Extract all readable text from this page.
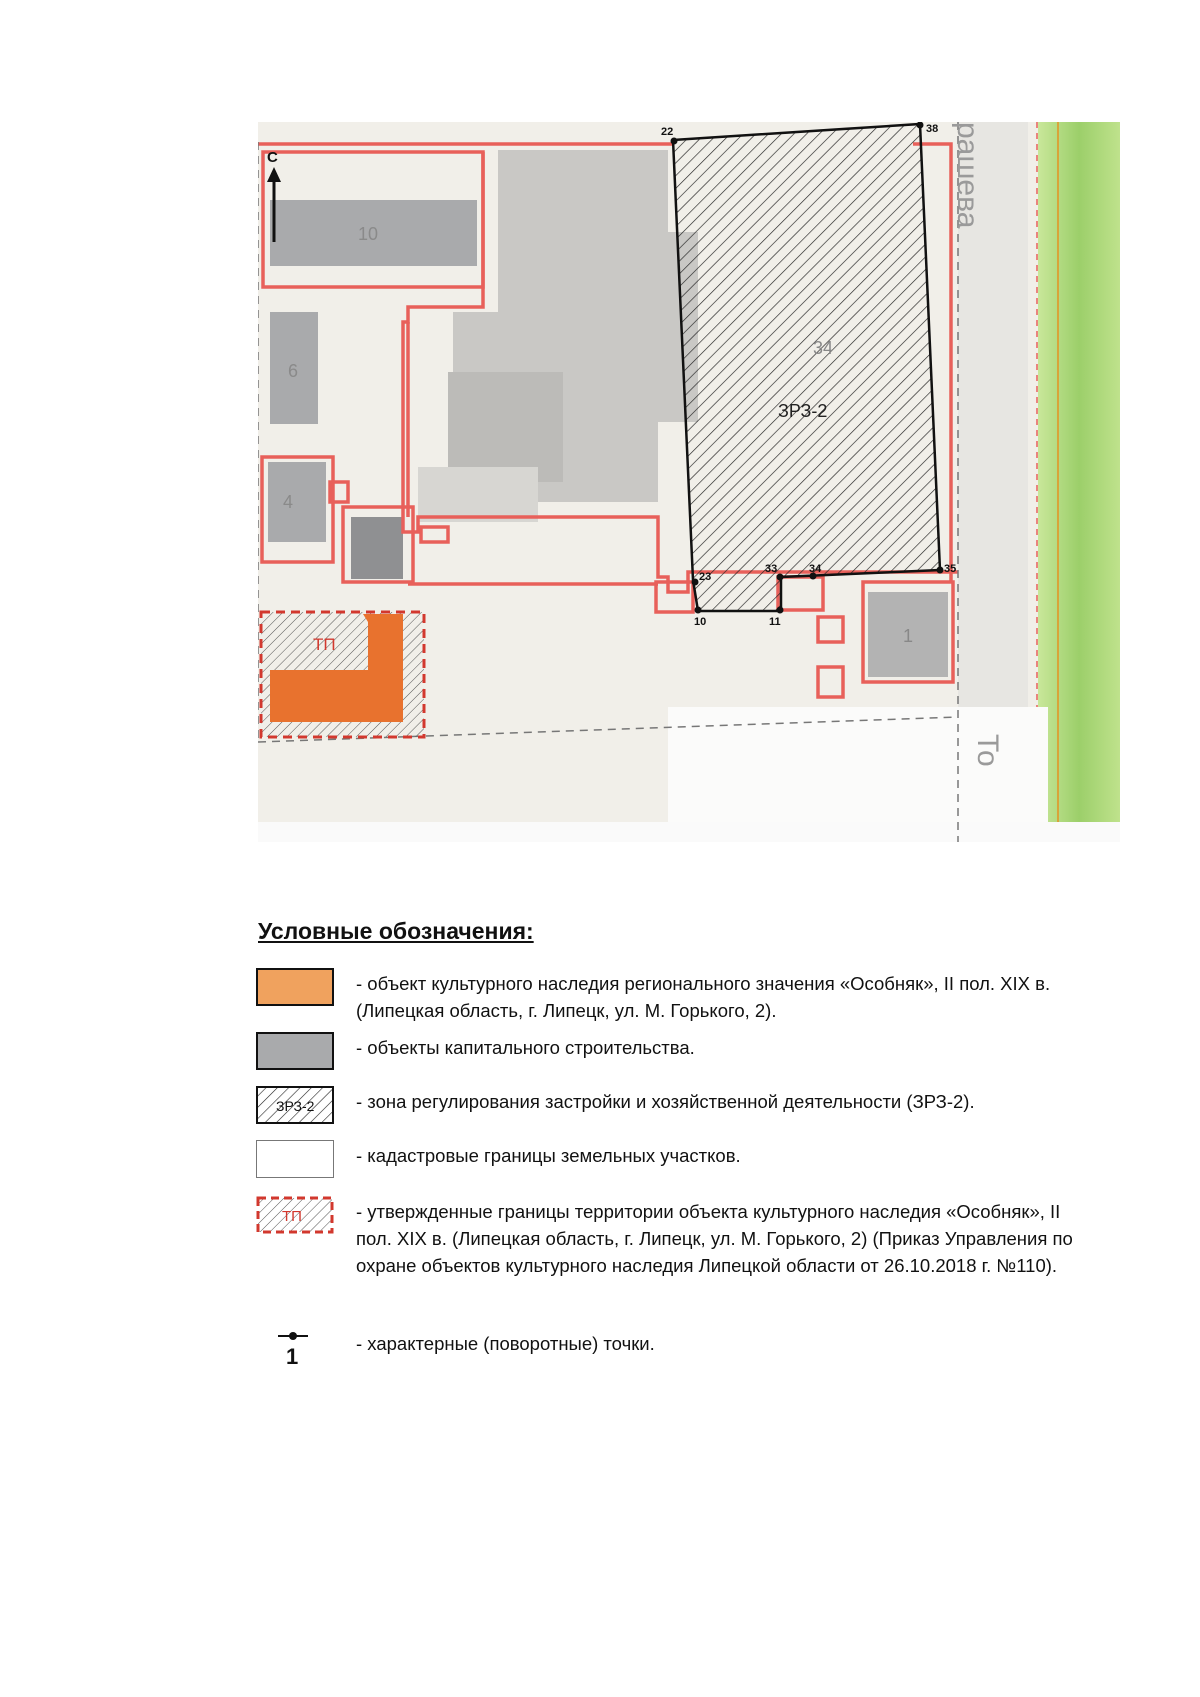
10
6
4
1
34
ЗРЗ-2
ТП
С	рашева
То
22	38
23
33	34	35
10	11
Условные обозначения:
- объект культурного наследия регионального значения «Особняк», II пол. XIX в. (Липецкая область, г. Липецк, ул. М. Горького, 2).
- объекты капитального строительства.
ЗРЗ-2 - зона регулирования застройки и хозяйственной деятельности (ЗРЗ-2).
- кадастровые границы земельных участков.
ТП	- утвержденные границы территории объекта культурного наследия «Особняк», II пол. XIX в. (Липецкая область, г. Липецк, ул. М. Горького, 2) (Приказ Управления по охране объектов культурного наследия Липецкой области от 26.10.2018 г. №110).
1
- характерные (поворотные) точки.
